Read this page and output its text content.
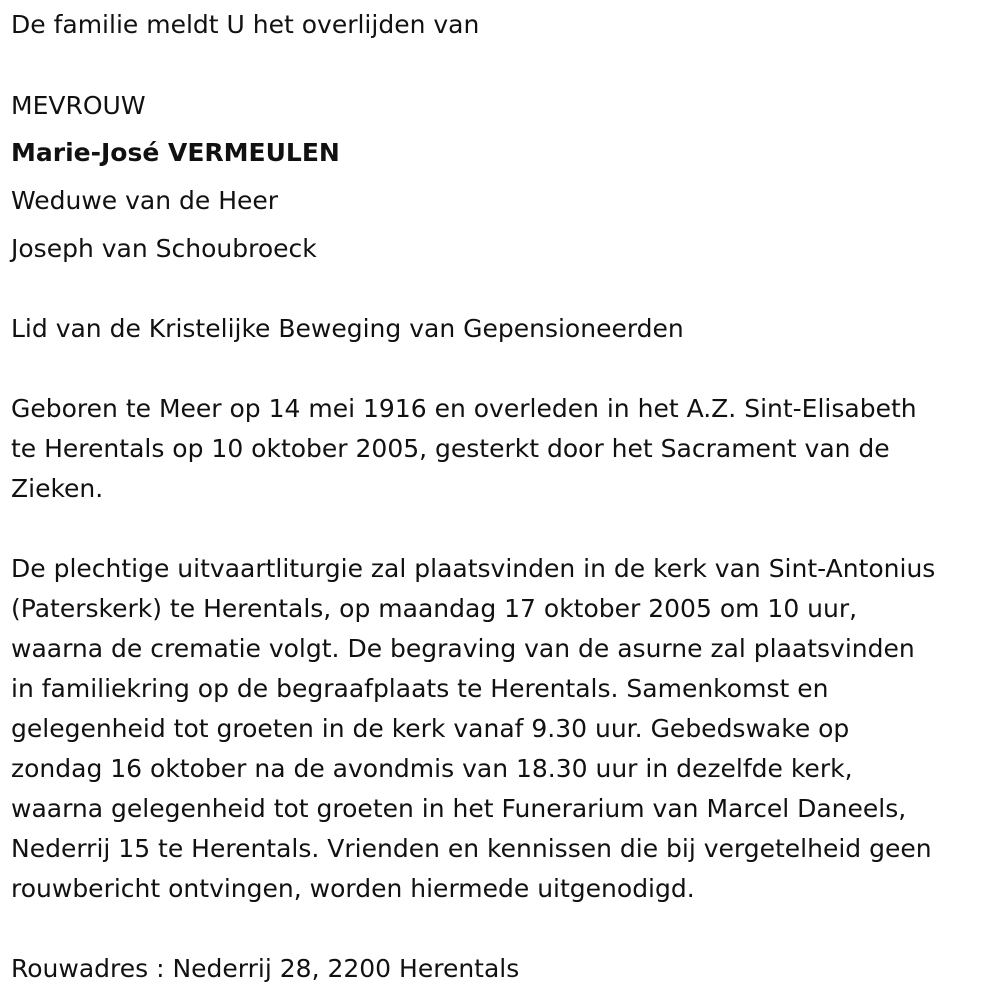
De familie meldt U het overlijden van
MEVROUW
Marie-José VERMEULEN
Weduwe van de Heer
Joseph van Schoubroeck
Lid van de Kristelijke Beweging van Gepensioneerden
Geboren te Meer op 14 mei 1916 en overleden in het A.Z. Sint-Elisabeth
te Herentals op 10 oktober 2005, gesterkt door het Sacrament van de
Zieken.
De plechtige uitvaartliturgie zal plaatsvinden in de kerk van Sint-Antonius
(Paterskerk) te Herentals, op maandag 17 oktober 2005 om 10 uur,
waarna de crematie volgt. De begraving van de asurne zal plaatsvinden
in familiekring op de begraafplaats te Herentals. Samenkomst en
gelegenheid tot groeten in de kerk vanaf 9.30 uur. Gebedswake op
zondag 16 oktober na de avondmis van 18.30 uur in dezelfde kerk,
waarna gelegenheid tot groeten in het Funerarium van Marcel Daneels,
Nederrij 15 te Herentals. Vrienden en kennissen die bij vergetelheid geen
rouwbericht ontvingen, worden hiermede uitgenodigd.
Rouwadres : Nederrij 28, 2200 Herentals
